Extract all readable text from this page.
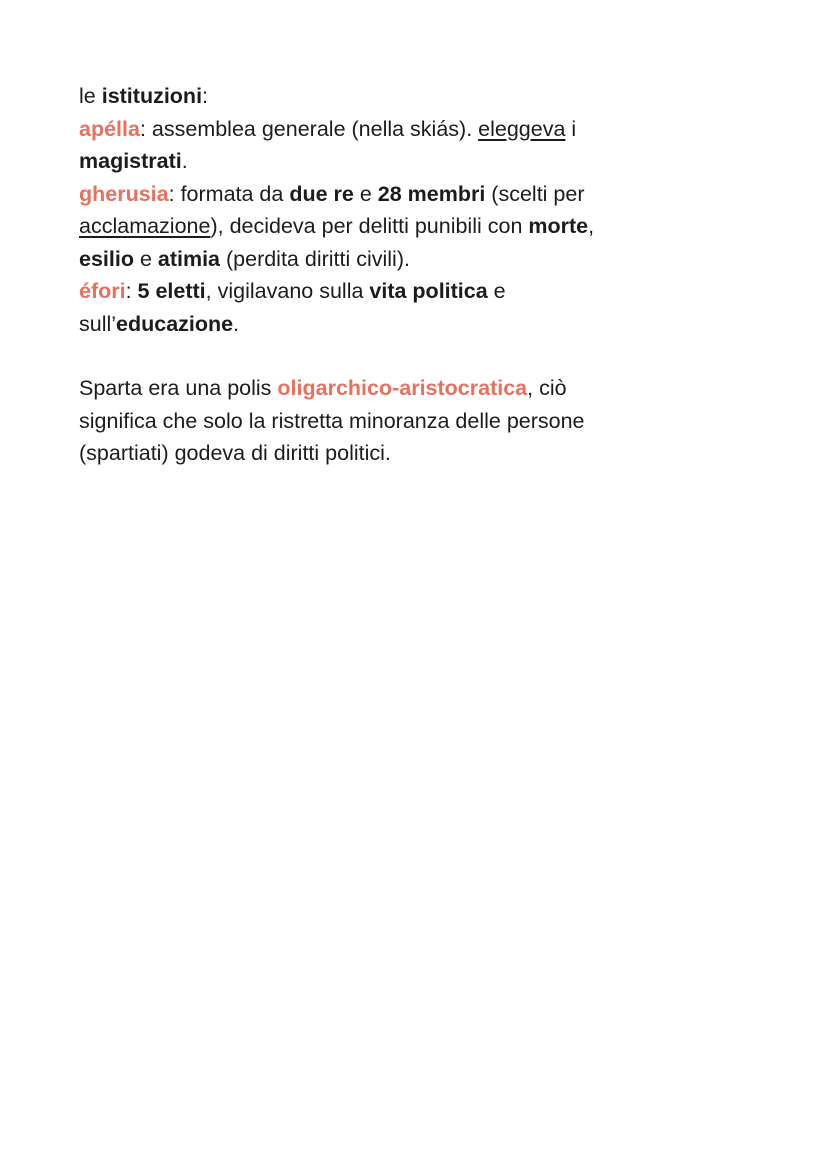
le istituzioni:
apélla: assemblea generale (nella skiás). eleggeva i
magistrati.
gherusia: formata da due re e 28 membri (scelti per
acclamazione), decideva per delitti punibili con morte,
esilio e atimia (perdita diritti civili).
éfori: 5 eletti, vigilavano sulla vita politica e
sull’educazione.
Sparta era una polis oligarchico-aristocratica, ciò
significa che solo la ristretta minoranza delle persone
(spartiati) godeva di diritti politici.
